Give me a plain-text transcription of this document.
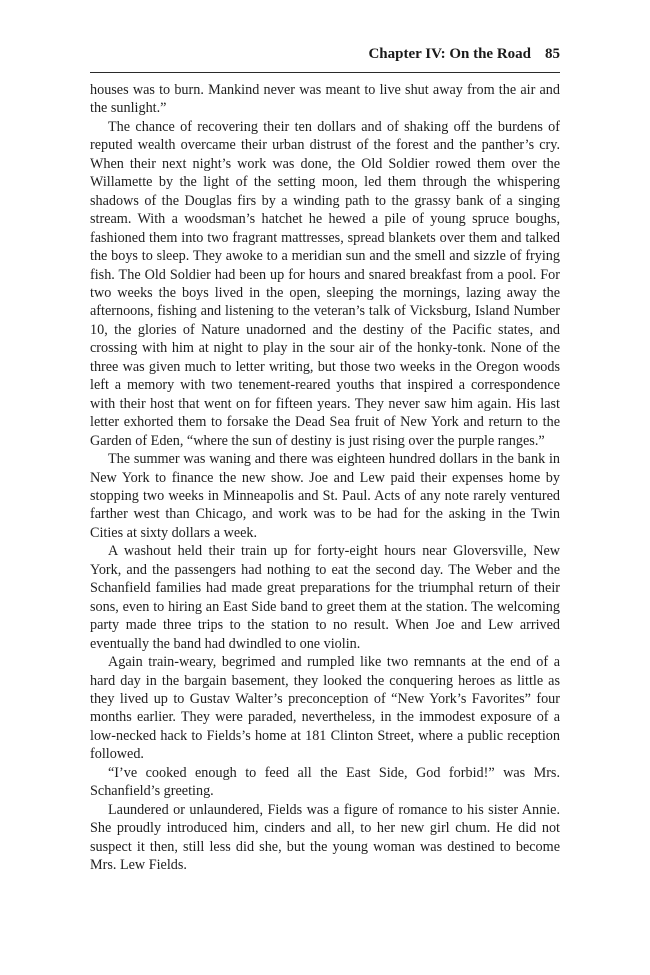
Chapter IV: On the Road 85

houses was to burn. Mankind never was meant to live shut away from the air and the sunlight.”

The chance of recovering their ten dollars and of shaking off the burdens of reputed wealth overcame their urban distrust of the forest and the panther’s cry. When their next night’s work was done, the Old Soldier rowed them over the Willamette by the light of the setting moon, led them through the whispering shadows of the Douglas firs by a winding path to the grassy bank of a singing stream. With a woodsman’s hatchet he hewed a pile of young spruce boughs, fashioned them into two fragrant mattresses, spread blankets over them and talked the boys to sleep. They awoke to a meridian sun and the smell and sizzle of frying fish. The Old Soldier had been up for hours and snared breakfast from a pool. For two weeks the boys lived in the open, sleeping the mornings, lazing away the afternoons, fishing and listening to the veteran’s talk of Vicksburg, Island Number 10, the glories of Nature unadorned and the destiny of the Pacific states, and crossing with him at night to play in the sour air of the honky-tonk. None of the three was given much to letter writing, but those two weeks in the Oregon woods left a memory with two tenement-reared youths that inspired a correspondence with their host that went on for fifteen years. They never saw him again. His last letter exhorted them to forsake the Dead Sea fruit of New York and return to the Garden of Eden, “where the sun of destiny is just rising over the purple ranges.”

The summer was waning and there was eighteen hundred dollars in the bank in New York to finance the new show. Joe and Lew paid their expenses home by stopping two weeks in Minneapolis and St. Paul. Acts of any note rarely ventured farther west than Chicago, and work was to be had for the asking in the Twin Cities at sixty dollars a week.

A washout held their train up for forty-eight hours near Gloversville, New York, and the passengers had nothing to eat the second day. The Weber and the Schanfield families had made great preparations for the triumphal return of their sons, even to hiring an East Side band to greet them at the station. The welcoming party made three trips to the station to no result. When Joe and Lew arrived eventually the band had dwindled to one violin.

Again train-weary, begrimed and rumpled like two remnants at the end of a hard day in the bargain basement, they looked the conquering heroes as little as they lived up to Gustav Walter’s preconception of “New York’s Favorites” four months earlier. They were paraded, nevertheless, in the immodest exposure of a low-necked hack to Fields’s home at 181 Clinton Street, where a public reception followed.

“I’ve cooked enough to feed all the East Side, God forbid!” was Mrs. Schanfield’s greeting.

Laundered or unlaundered, Fields was a figure of romance to his sister Annie. She proudly introduced him, cinders and all, to her new girl chum. He did not suspect it then, still less did she, but the young woman was destined to become Mrs. Lew Fields.
